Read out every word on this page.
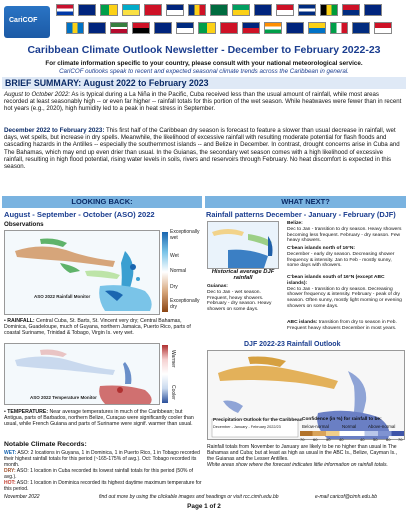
CariCOF
Caribbean Climate Outlook Newsletter - December to February 2022-23
For climate information specific to your country, please consult with your national meteorological service.
CariCOF outlooks speak to recent and expected seasonal climate trends across the Caribbean in general.
BRIEF SUMMARY: August 2022 to February 2023
August to October 2022: As is typical during a La Niña in the Pacific, Cuba received less than the usual amount of rainfall, while most areas recorded at least seasonably high -- or even far higher -- rainfall totals for this portion of the wet season. While heatwaves were fewer than in recent hot years (e.g., 2020), high humidity led to a peak in heat stress in September.
December 2022 to February 2023: This first half of the Caribbean dry season is forecast to feature a slower than usual decrease in rainfall, wet days, wet spells, but increase in dry spells. Meanwhile, the likelihood of excessive rainfall with resulting moderate potential for flash floods and cascading hazards in the Antilles -- especially the southernmost islands -- and Belize in December. In contrast, drought concerns arise in Cuba and The Bahamas, which may end up even drier than usual. In the Guianas, the secondary wet season comes with a high likelihood of excessive rainfall, resulting in high flood potential, rising water levels in soils, rivers and reservoirs through February. No heat discomfort is expected in this season.
LOOKING BACK:	WHAT NEXT?
August - September - October (ASO) 2022
Observations
Exceptionally wet
Wet
Normal
Dry
Exceptionally dry
ASO 2022 Rainfall Monitor
• RAINFALL: Central Cuba, St. Barts, St. Vincent very dry; Central Bahamas, Dominica, Guadeloupe, much of Guyana, northern Jamaica, Puerto Rico, parts of coastal Suriname, Trinidad & Tobago, Virgin Is. very wet.
Warmer
Cooler
ASO 2022 Temperature Monitor
• TEMPERATURE: Near average temperatures in much of the Caribbean; but Antigua, parts of Barbados, northern Belize, Curaçao were significantly cooler than usual, while French Guiana and parts of Suriname were signif. warmer than usual.
Notable Climate Records:
WET: ASO: 2 locations in Guyana, 1 in Dominica, 1 in Puerto Rico, 1 in Tobago recorded their highest rainfall totals for this period (~165-175% of avg.). Oct: Tobago recorded its month.
DRY: ASO: 1 location in Cuba recorded its lowest rainfall totals for this period (50% of avg.).
HOT: ASO: 1 location in Dominica recorded its highest daytime maximum temperature for this period.
Rainfall patterns December - January - February (DJF)
Historical average DJF rainfall
Guianas:
Dec to Jan - wet season. Frequent, heavy showers. February - dry season. Heavy showers on some days.
Belize:
Dec to Jan - transition to dry season. Heavy showers becoming less frequent. February - dry season. Few heavy showers.
C'bean islands north of 16°N:
December - early dry season. Decreasing shower frequency & intensity. Jan to Feb - mostly sunny, some days with showers.
C'bean islands south of 16°N (except ABC islands):
Dec to Jan - transition to dry season. Decreasing shower frequency & intensity. February - peak of dry season. Often sunny, mostly light morning or evening showers on some days.
ABC islands: transition from dry to season in Feb. Frequent heavy showers December in most years.
DJF 2022-23 Rainfall Outlook
Precipitation Outlook for the Caribbean
December - January - February 2022/23
Confidence (in %) for rainfall to be:
Below-normal	Normal	Above-normal
70 60 50 40	40 50 60 70
Rainfall totals from November to January are likely to be no higher than usual in The Bahamas and Cuba; but at least as high as usual in the ABC Is., Belize, Cayman Is., the Guianas and the Lesser Antilles.
White areas show where the forecast indicates little information on rainfall totals.
November 2022	find out more by using the clickable images and headings or visit rcc.cimh.edu.bb	e-mail caricof@cimh.edu.bb
Page 1 of 2
